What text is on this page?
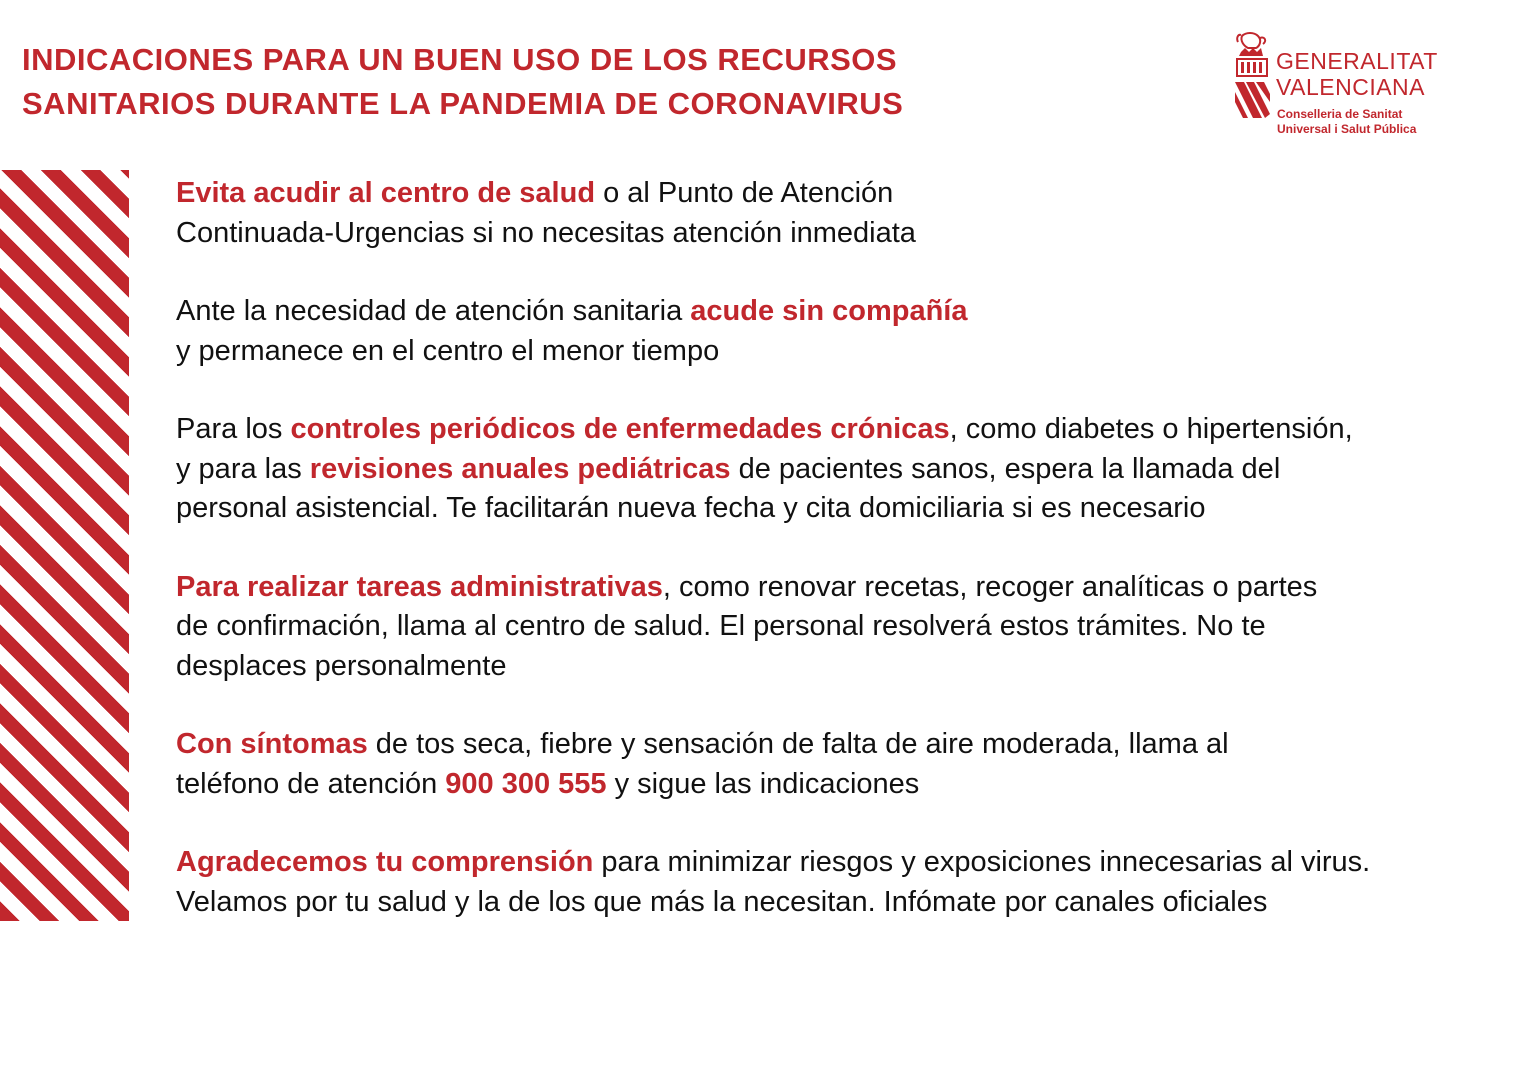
INDICACIONES PARA UN BUEN USO DE LOS RECURSOS
SANITARIOS DURANTE LA PANDEMIA DE CORONAVIRUS
GENERALITAT
VALENCIANA
Conselleria de Sanitat
Universal i Salut Pública

Evita acudir al centro de salud o al Punto de Atención
Continuada-Urgencias si no necesitas atención inmediata

Ante la necesidad de atención sanitaria acude sin compañía
y permanece en el centro el menor tiempo

Para los controles periódicos de enfermedades crónicas, como diabetes o hipertensión,
y para las revisiones anuales pediátricas de pacientes sanos, espera la llamada del
personal asistencial. Te facilitarán nueva fecha y cita domiciliaria si es necesario

Para realizar tareas administrativas, como renovar recetas, recoger analíticas o partes
de confirmación, llama al centro de salud. El personal resolverá estos trámites. No te
desplaces personalmente

Con síntomas de tos seca, fiebre y sensación de falta de aire moderada, llama al
teléfono de atención 900 300 555 y sigue las indicaciones

Agradecemos tu comprensión para minimizar riesgos y exposiciones innecesarias al virus.
Velamos por tu salud y la de los que más la necesitan. Infómate por canales oficiales
